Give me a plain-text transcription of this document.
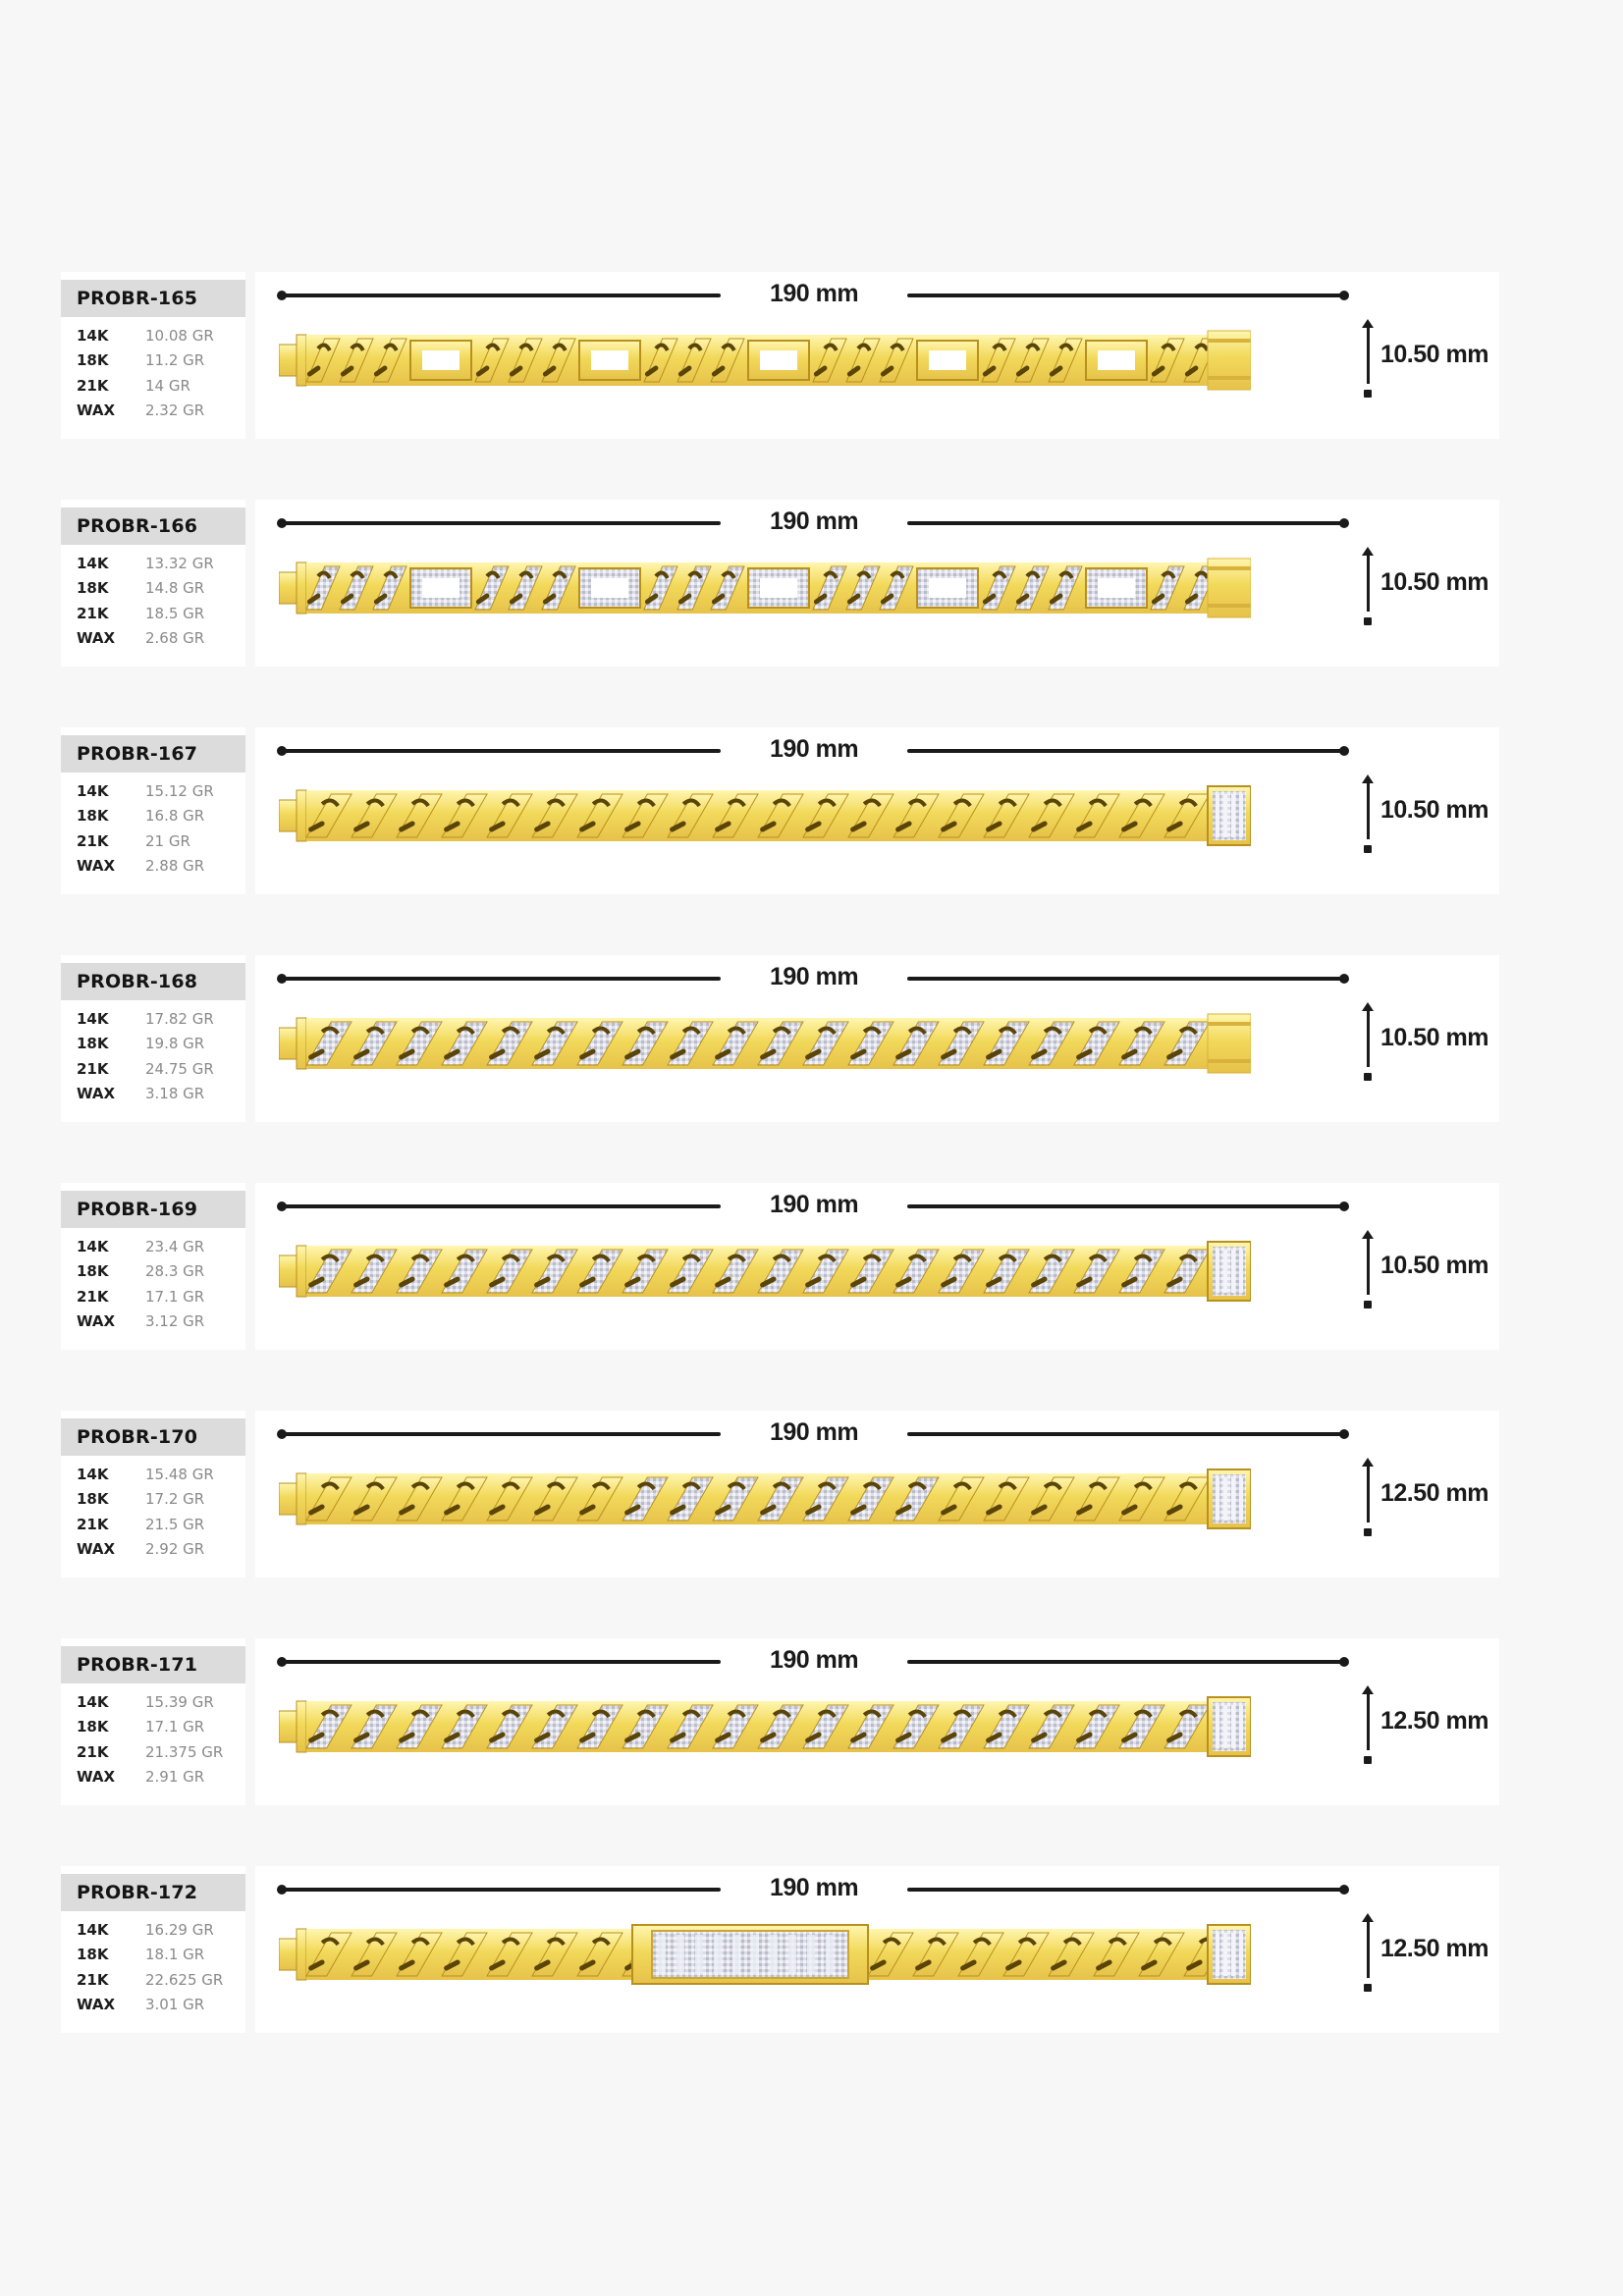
PROBR-165
14K	10.08 GR
18K	11.2 GR
21K	14 GR
WAX	2.32 GR
190 mm
10.50 mm
PROBR-166
14K	13.32 GR
18K	14.8 GR
21K	18.5 GR
WAX	2.68 GR
190 mm
10.50 mm
PROBR-167
14K	15.12 GR
18K	16.8 GR
21K	21 GR
WAX	2.88 GR
190 mm
10.50 mm
PROBR-168
14K	17.82 GR
18K	19.8 GR
21K	24.75 GR
WAX	3.18 GR
190 mm
10.50 mm
PROBR-169
14K	23.4 GR
18K	28.3 GR
21K	17.1 GR
WAX	3.12 GR
190 mm
10.50 mm
PROBR-170
14K	15.48 GR
18K	17.2 GR
21K	21.5 GR
WAX	2.92 GR
190 mm
12.50 mm
PROBR-171
14K	15.39 GR
18K	17.1 GR
21K	21.375 GR
WAX	2.91 GR
190 mm
12.50 mm
PROBR-172
14K	16.29 GR
18K	18.1 GR
21K	22.625 GR
WAX	3.01 GR
190 mm
12.50 mm
